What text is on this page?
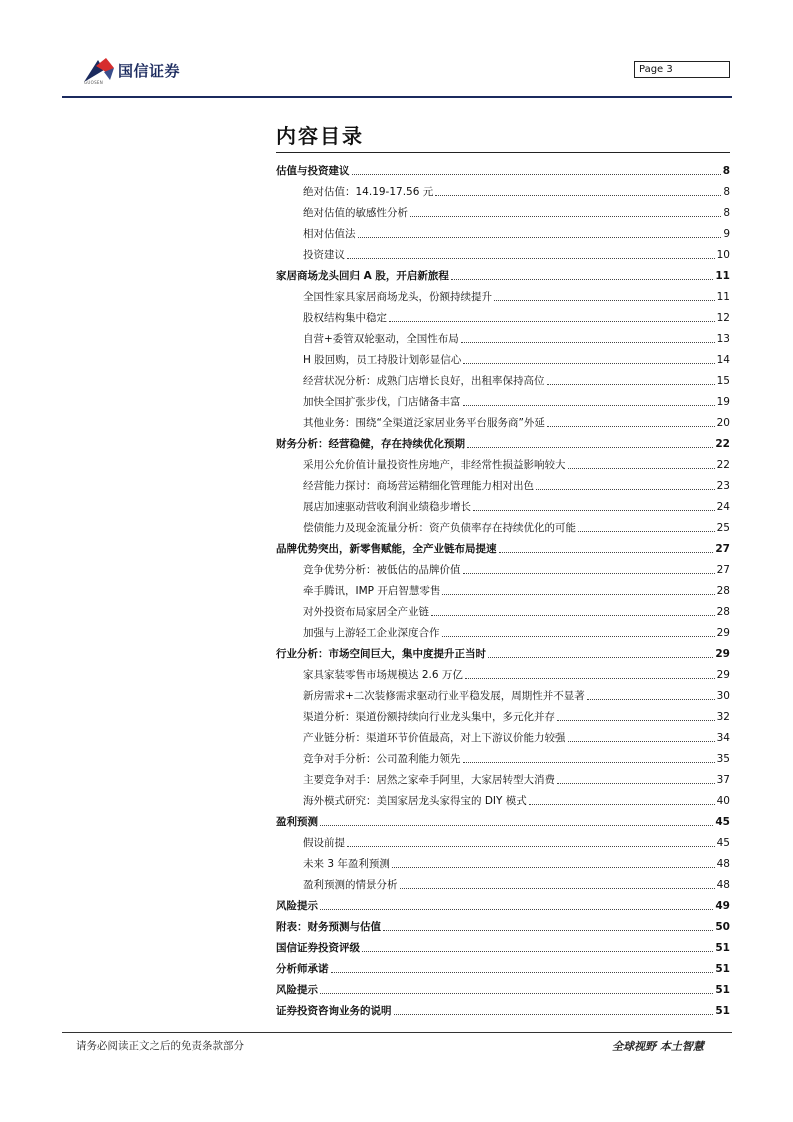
国信证券
GUOSEN
Page 3
内容目录
估值与投资建议	8
绝对估值：14.19-17.56 元	8
绝对估值的敏感性分析	8
相对估值法	9
投资建议	10
家居商场龙头回归 A 股，开启新旅程	11
全国性家具家居商场龙头，份额持续提升	11
股权结构集中稳定	12
自营+委管双轮驱动，全国性布局	13
H 股回购，员工持股计划彰显信心	14
经营状况分析：成熟门店增长良好，出租率保持高位	15
加快全国扩张步伐，门店储备丰富	19
其他业务：围绕“全渠道泛家居业务平台服务商”外延	20
财务分析：经营稳健，存在持续优化预期	22
采用公允价值计量投资性房地产，非经常性损益影响较大	22
经营能力探讨：商场营运精细化管理能力相对出色	23
展店加速驱动营收利润业绩稳步增长	24
偿债能力及现金流量分析：资产负债率存在持续优化的可能	25
品牌优势突出，新零售赋能，全产业链布局提速	27
竞争优势分析：被低估的品牌价值	27
牵手腾讯，IMP 开启智慧零售	28
对外投资布局家居全产业链	28
加强与上游轻工企业深度合作	29
行业分析：市场空间巨大，集中度提升正当时	29
家具家装零售市场规模达 2.6 万亿	29
新房需求+二次装修需求驱动行业平稳发展，周期性并不显著	30
渠道分析：渠道份额持续向行业龙头集中，多元化并存	32
产业链分析：渠道环节价值最高，对上下游议价能力较强	34
竞争对手分析：公司盈利能力领先	35
主要竞争对手：居然之家牵手阿里，大家居转型大消费	37
海外模式研究：美国家居龙头家得宝的 DIY 模式	40
盈利预测	45
假设前提	45
未来 3 年盈利预测	48
盈利预测的情景分析	48
风险提示	49
附表：财务预测与估值	50
国信证券投资评级	51
分析师承诺	51
风险提示	51
证券投资咨询业务的说明	51
请务必阅读正文之后的免责条款部分	全球视野 本土智慧
